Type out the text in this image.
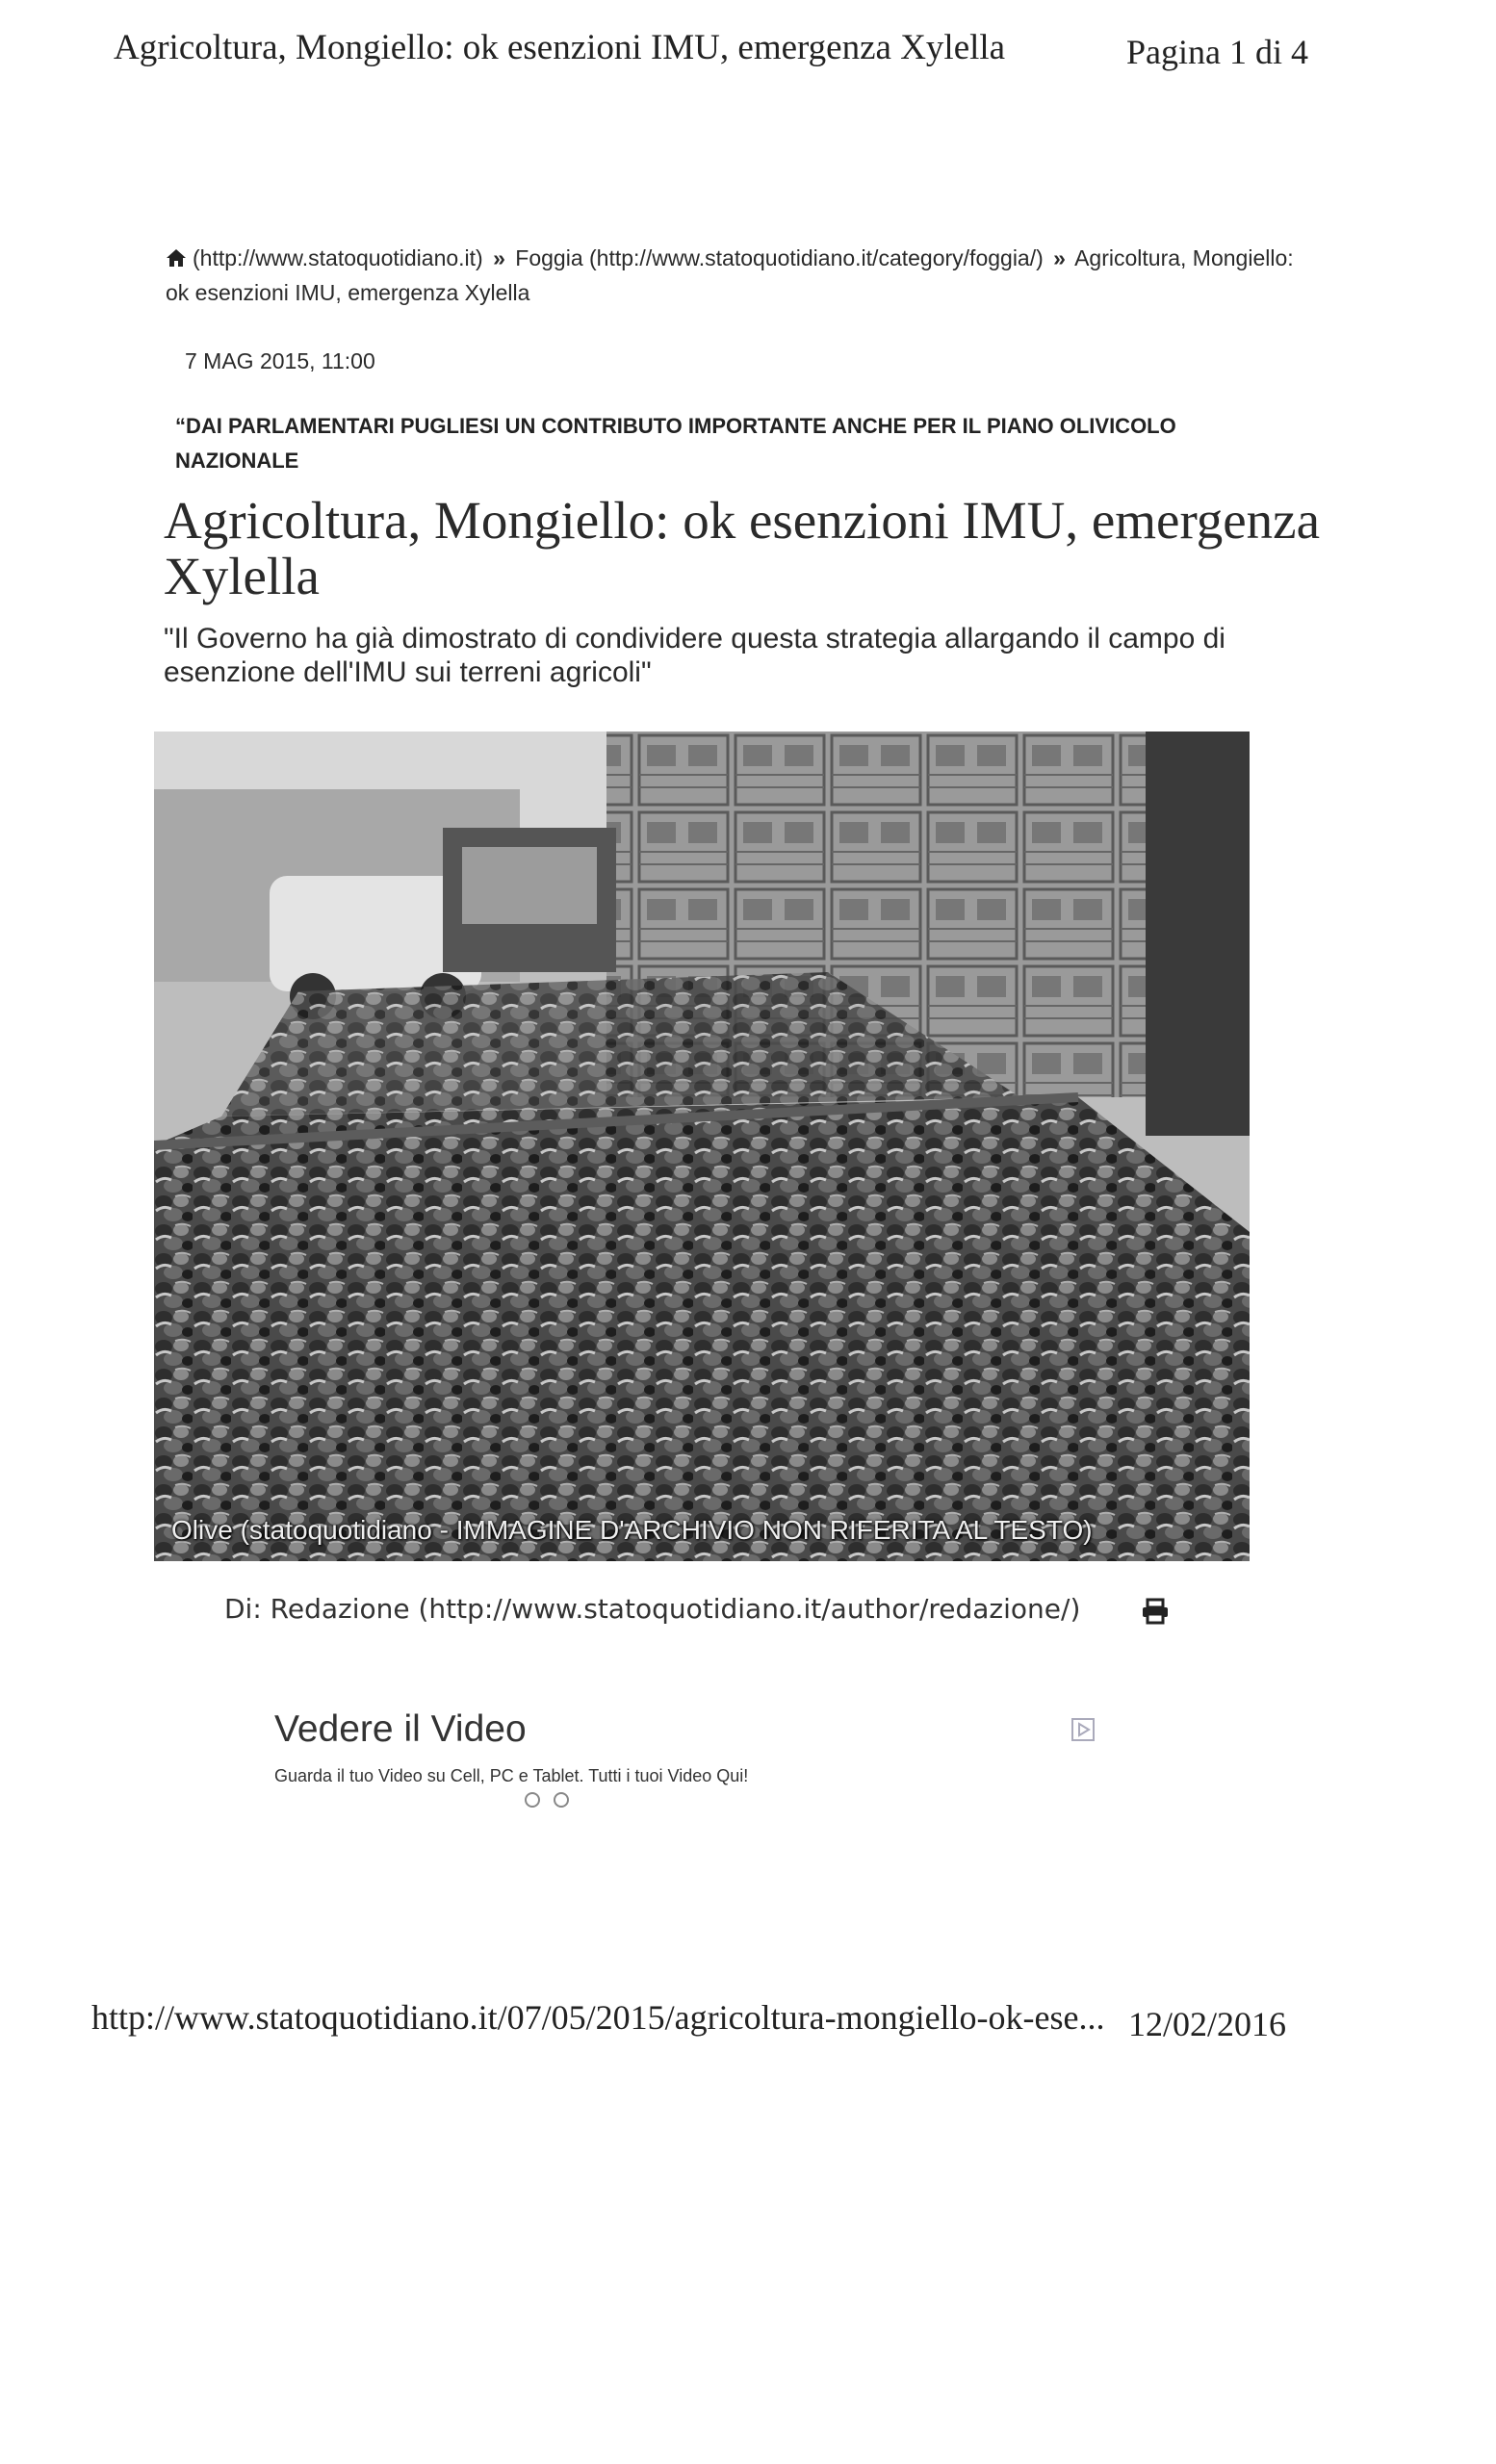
Agricoltura, Mongiello: ok esenzioni IMU, emergenza Xylella	Pagina 1 di 4
(http://www.statoquotidiano.it) » Foggia (http://www.statoquotidiano.it/category/foggia/) » Agricoltura, Mongiello: ok esenzioni IMU, emergenza Xylella
7 MAG 2015, 11:00
“DAI PARLAMENTARI PUGLIESI UN CONTRIBUTO IMPORTANTE ANCHE PER IL PIANO OLIVICOLO NAZIONALE
Agricoltura, Mongiello: ok esenzioni IMU, emergenza Xylella
"Il Governo ha già dimostrato di condividere questa strategia allargando il campo di esenzione dell'IMU sui terreni agricoli"
Olive (statoquotidiano - IMMAGINE D'ARCHIVIO NON RIFERITA AL TESTO)
Di: Redazione (http://www.statoquotidiano.it/author/redazione/)
Vedere il Video
Guarda il tuo Video su Cell, PC e Tablet. Tutti i tuoi Video Qui!
http://www.statoquotidiano.it/07/05/2015/agricoltura-mongiello-ok-ese... 12/02/2016
